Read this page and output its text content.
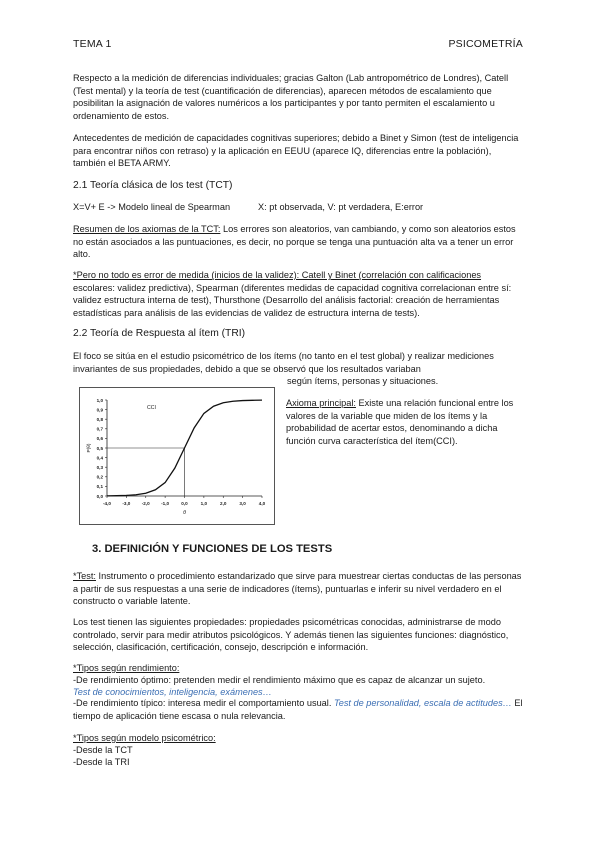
TEMA 1	PSICOMETRÍA

Respecto a la medición de diferencias individuales; gracias Galton (Lab antropométrico de Londres), Catell (Test mental) y la teoría de test (cuantificación de diferencias), aparecen métodos de escalamiento que posibilitan la asignación de valores numéricos a los participantes y por tanto permiten el escalamiento u ordenamiento de estos.

Antecedentes de medición de capacidades cognitivas superiores; debido a Binet y Simon (test de inteligencia para encontrar niños con retraso) y la aplicación en EEUU (aparece IQ, diferencias entre la población), también el BETA ARMY.

2.1 Teoría clásica de los test (TCT)
X=V+ E -> Modelo lineal de Spearman	X: pt observada, V: pt verdadera, E:error

Resumen de los axiomas de la TCT: Los errores son aleatorios, van cambiando, y como son aleatorios estos no están asociados a las puntuaciones, es decir, no porque se tenga una puntuación alta va a tener un error alto.

*Pero no todo es error de medida (inicios de la validez): Catell y Binet (correlación con calificaciones escolares: validez predictiva), Spearman (diferentes medidas de capacidad cognitiva correlacionan entre sí: validez estructura interna de test), Thursthone (Desarrollo del análisis factorial: creación de herramientas estadísticas para análisis de las evidencias de validez de estructura interna de tests).

2.2 Teoría de Respuesta al ítem (TRI)

El foco se sitúa en el estudio psicométrico de los ítems (no tanto en el test global) y realizar mediciones invariantes de sus propiedades, debido a que se observó que los resultados variaban

según ítems, personas y situaciones.

Axioma principal: Existe una relación funcional entre los valores de la variable que miden de los ítems y la probabilidad de acertar estos, denominando a dicha función curva característica del ítem(CCI).

0,0
0,1
0,2
0,3
0,4
0,5
0,6
0,7
0,8
0,9
1,0
-4,0 -3,0 -2,0 -1,0	0,0	1,0	2,0	3,0	4,0
CCI
θ
P(θ)
3. DEFINICIÓN Y FUNCIONES DE LOS TESTS

*Test: Instrumento o procedimiento estandarizado que sirve para muestrear ciertas conductas de las personas a partir de sus respuestas a una serie de indicadores (ítems), puntuarlas e inferir su nivel verdadero en el constructo o variable latente.

Los test tienen las siguientes propiedades: propiedades psicométricas conocidas, administrarse de modo controlado, servir para medir atributos psicológicos. Y además tienen las siguientes funciones: diagnóstico, selección, clasificación, certificación, consejo, descripción e información.

*Tipos según rendimiento:
-De rendimiento óptimo: pretenden medir el rendimiento máximo que es capaz de alcanzar un sujeto.
Test de conocimientos, inteligencia, exámenes…

-De rendimiento típico: interesa medir el comportamiento usual. Test de personalidad, escala de actitudes… El tiempo de aplicación tiene escasa o nula relevancia.

*Tipos según modelo psicométrico:
-Desde la TCT
-Desde la TRI
